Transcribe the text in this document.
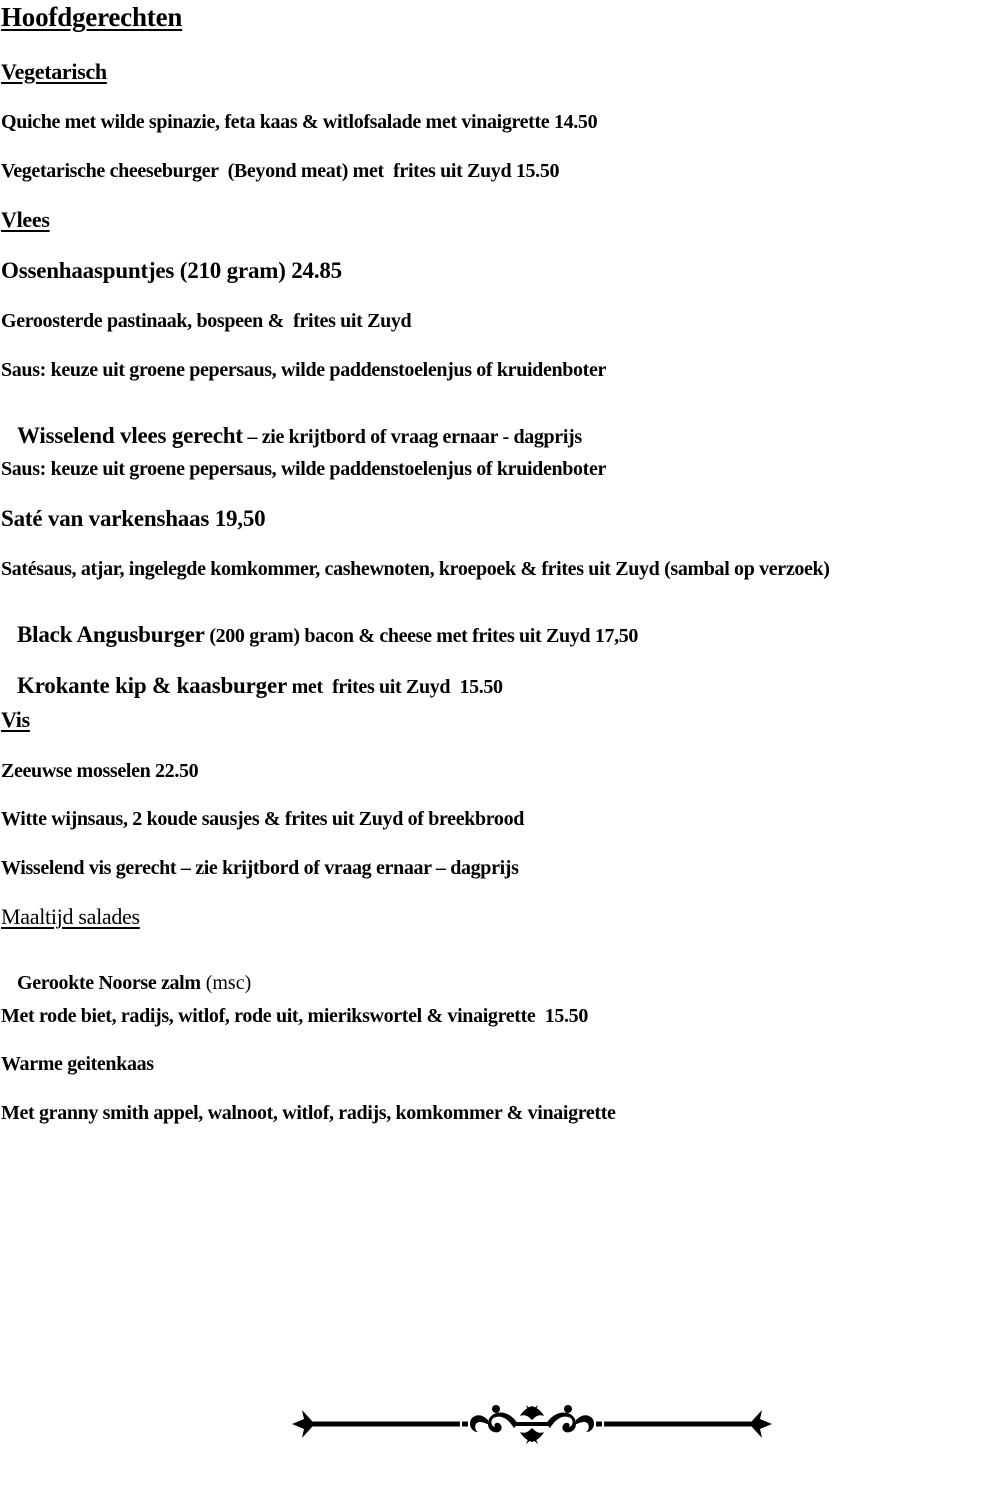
Hoofdgerechten
Vegetarisch
Quiche met wilde spinazie, feta kaas & witlofsalade met vinaigrette 14.50
Vegetarische cheeseburger  (Beyond meat) met  frites uit Zuyd 15.50
Vlees
Ossenhaaspuntjes (210 gram) 24.85
Geroosterde pastinaak, bospeen &  frites uit Zuyd
Saus: keuze uit groene pepersaus, wilde paddenstoelenjus of kruidenboter

Wisselend vlees gerecht – zie krijtbord of vraag ernaar - dagprijs

Saus: keuze uit groene pepersaus, wilde paddenstoelenjus of kruidenboter
Saté van varkenshaas 19,50
Satésaus, atjar, ingelegde komkommer, cashewnoten, kroepoek & frites uit Zuyd (sambal op verzoek)

Black Angusburger (200 gram) bacon & cheese met frites uit Zuyd 17,50

Krokante kip & kaasburger met  frites uit Zuyd  15.50

Vis
Zeeuwse mosselen 22.50
Witte wijnsaus, 2 koude sausjes & frites uit Zuyd of breekbrood
Wisselend vis gerecht – zie krijtbord of vraag ernaar – dagprijs
Maaltijd salades

Gerookte Noorse zalm (msc)

Met rode biet, radijs, witlof, rode uit, mierikswortel & vinaigrette  15.50
Warme geitenkaas
Met granny smith appel, walnoot, witlof, radijs, komkommer & vinaigrette
